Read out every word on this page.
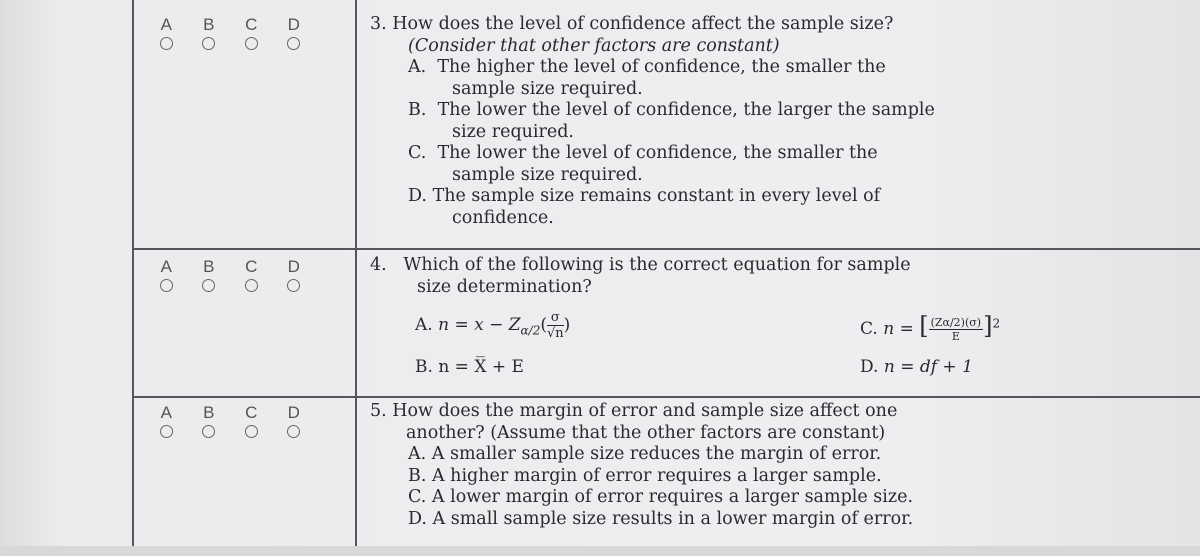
A	B	C	D
A	B	C	D
A	B	C	D
3. How does the level of confidence affect the sample size?
(Consider that other factors are constant)
A. The higher the level of confidence, the smaller the
sample size required.
B. The lower the level of confidence, the larger the sample
size required.
C. The lower the level of confidence, the smaller the
sample size required.
D. The sample size remains constant in every level of
confidence.
4. Which of the following is the correct equation for sample
size determination?
A. $n = x - Z_{\alpha/2}( \frac{\sigma}{√n}$ )	C. n = [ $\frac{(Z\alpha/2)(\sigma)}{E} ]^2$
B. n = X̅ + E	D. n = df + 1
5. How does the margin of error and sample size affect one
another? (Assume that the other factors are constant)
A. A smaller sample size reduces the margin of error.
B. A higher margin of error requires a larger sample.
C. A lower margin of error requires a larger sample size.
D. A small sample size results in a lower margin of error.
